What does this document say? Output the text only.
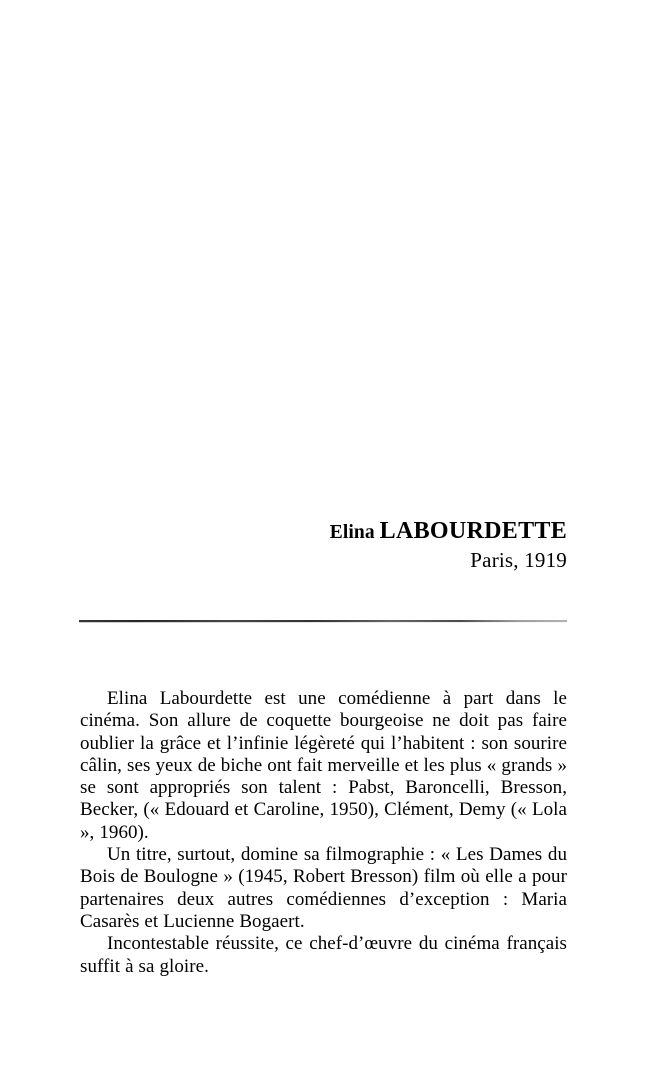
Elina LABOURDETTE
Paris, 1919

Elina Labourdette est une comédienne à part dans le cinéma. Son allure de coquette bourgeoise ne doit pas faire oublier la grâce et l’infinie légèreté qui l’habitent : son sourire câlin, ses yeux de biche ont fait merveille et les plus « grands » se sont appropriés son talent : Pabst, Baroncelli, Bresson, Becker, (« Edouard et Caroline, 1950), Clément, Demy (« Lola », 1960).

Un titre, surtout, domine sa filmographie : « Les Dames du Bois de Boulogne » (1945, Robert Bresson) film où elle a pour partenaires deux autres comédiennes d’exception : Maria Casarès et Lucienne Bogaert.

Incontestable réussite, ce chef-d’œuvre du cinéma français suffit à sa gloire.
